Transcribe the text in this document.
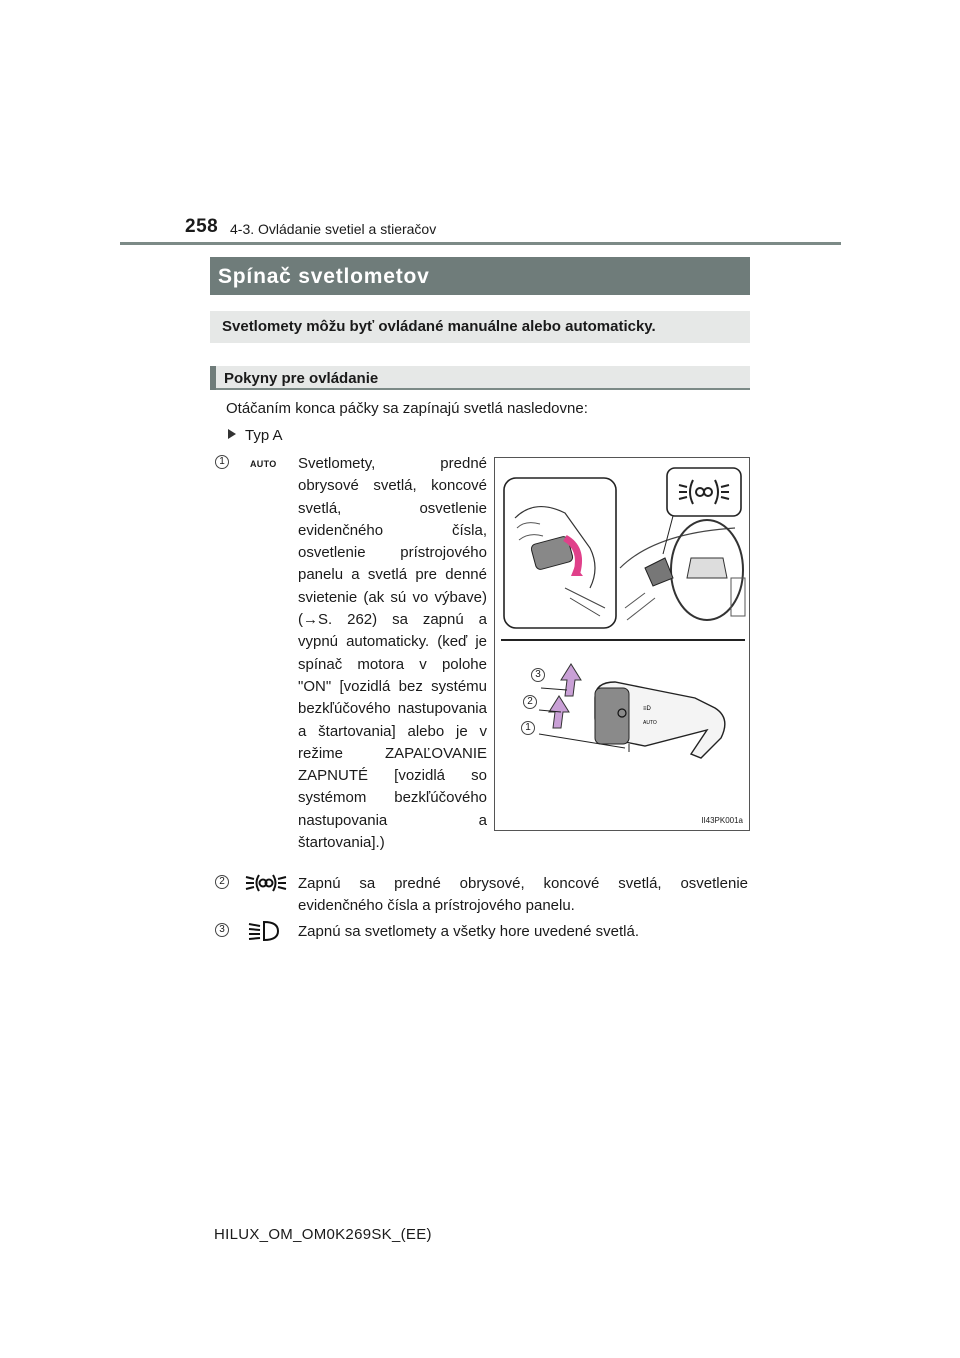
258 4-3. Ovládanie svetiel a stieračov
Spínač svetlometov
Svetlomety môžu byť ovládané manuálne alebo automaticky.
Pokyny pre ovládanie
Otáčaním konca páčky sa zapínajú svetlá nasledovne:
Typ A
1	AUTO Svetlomety, predné obrysové svetlá, koncové svetlá, osvetlenie evidenčného čísla, osvetlenie prístrojového panelu a svetlá pre denné svietenie (ak sú vo výbave) (→S. 262) sa zapnú a vypnú automaticky. (keď je spínač motora v polohe "ON" [vozidlá bez systému bezkľúčového nastupovania a štartovania] alebo je v režime ZAPAĽOVANIE ZAPNUTÉ [vozidlá so systémom bezkľúčového nastupovania a štartovania].)
≡D
AUTO
3
2
1
II43PK001a
2	Zapnú sa predné obrysové, koncové svetlá, osvetlenie evidenčného čísla a prístrojového panelu.
3	Zapnú sa svetlomety a všetky hore uvedené svetlá.
HILUX_OM_OM0K269SK_(EE)
